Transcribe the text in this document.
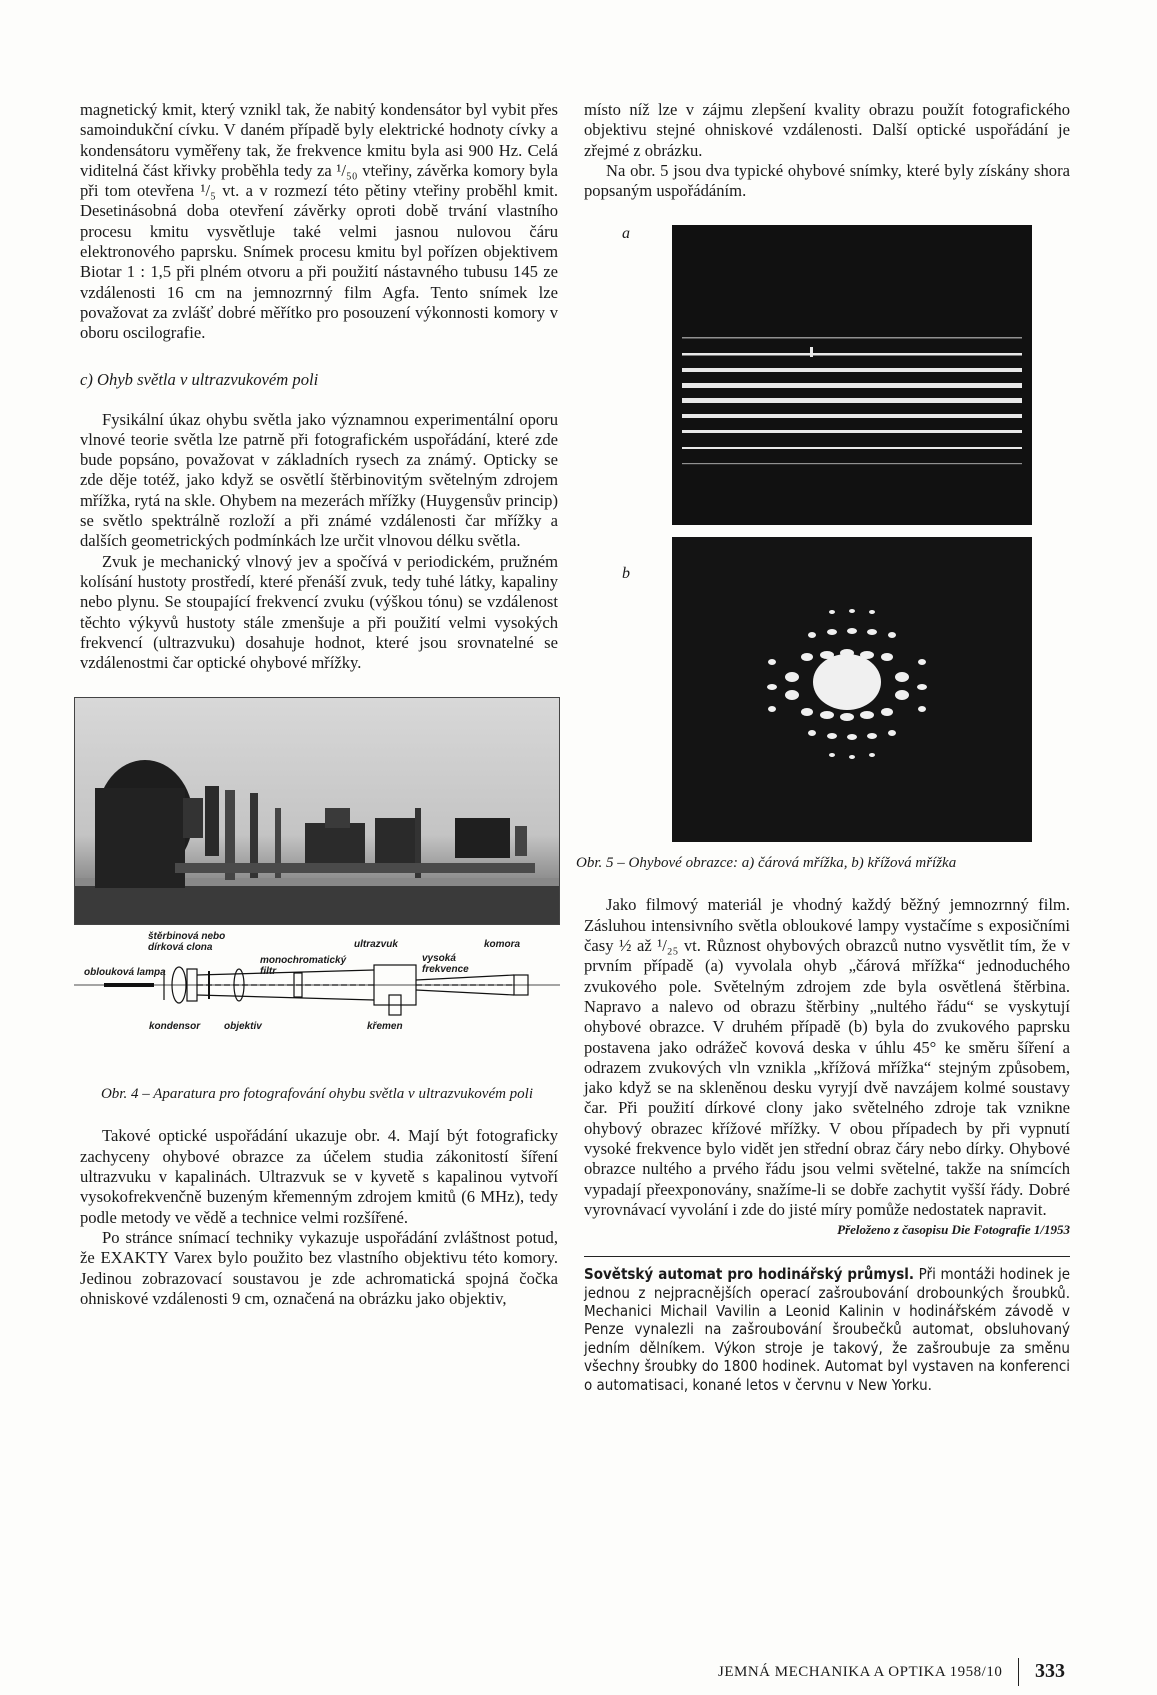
magnetický kmit, který vznikl tak, že nabitý kondensátor byl vybit přes samoindukční cívku. V daném případě byly elektrické hodnoty cívky a kondensátoru vyměřeny tak, že frekvence kmitu byla asi 900 Hz. Celá viditelná část křivky proběhla tedy za ¹/₅₀ vteřiny, závěrka komory byla při tom otevřena ¹/₅ vt. a v rozmezí této pětiny vteřiny proběhl kmit. Desetinásobná doba otevření závěrky oproti době trvání vlastního procesu kmitu vysvětluje také velmi jasnou nulovou čáru elektronového paprsku. Snímek procesu kmitu byl pořízen objektivem Biotar 1 : 1,5 při plném otvoru a při použití nástavného tubusu 145 ze vzdálenosti 16 cm na jemnozrnný film Agfa. Tento snímek lze považovat za zvlášť dobré měřítko pro posouzení výkonnosti komory v oboru oscilografie.

c) Ohyb světla v ultrazvukovém poli

Fysikální úkaz ohybu světla jako významnou experimentální oporu vlnové teorie světla lze patrně při fotografickém uspořádání, které zde bude popsáno, považovat v základních rysech za známý. Opticky se zde děje totéž, jako když se osvětlí štěrbinovitým světelným zdrojem mřížka, rytá na skle. Ohybem na mezerách mřížky (Huygensův princip) se světlo spektrálně rozloží a při známé vzdálenosti čar mřížky a dalších geometrických podmínkách lze určit vlnovou délku světla.

Zvuk je mechanický vlnový jev a spočívá v periodickém, pružném kolísání hustoty prostředí, které přenáší zvuk, tedy tuhé látky, kapaliny nebo plynu. Se stoupající frekvencí zvuku (výškou tónu) se vzdálenost těchto výkyvů hustoty stále zmenšuje a při použití velmi vysokých frekvencí (ultrazvuku) dosahuje hodnot, které jsou srovnatelné se vzdálenostmi čar optické ohybové mřížky.

oblouková lampa
štěrbinová nebo dírková clona
monochromatický filtr
ultrazvuk
vysoká frekvence
komora
kondensor objektiv	křemen
Obr. 4 – Aparatura pro fotografování ohybu světla v ultrazvukovém poli

Takové optické uspořádání ukazuje obr. 4. Mají být fotograficky zachyceny ohybové obrazce za účelem studia zákonitostí šíření ultrazvuku v kapalinách. Ultrazvuk se v kyvetě s kapalinou vytvoří vysokofrekvenčně buzeným křemenným zdrojem kmitů (6 MHz), tedy podle metody ve vědě a technice velmi rozšířené.

Po stránce snímací techniky vykazuje uspořádání zvláštnost potud, že EXAKTY Varex bylo použito bez vlastního objektivu této komory. Jedinou zobrazovací soustavou je zde achromatická spojná čočka ohniskové vzdálenosti 9 cm, označená na obrázku jako objektiv,

místo níž lze v zájmu zlepšení kvality obrazu použít fotografického objektivu stejné ohniskové vzdálenosti. Další optické uspořádání je zřejmé z obrázku.

Na obr. 5 jsou dva typické ohybové snímky, které byly získány shora popsaným uspořádáním.

a
b
Obr. 5 – Ohybové obrazce: a) čárová mřížka, b) křížová mřížka

Jako filmový materiál je vhodný každý běžný jemnozrnný film. Zásluhou intensivního světla obloukové lampy vystačíme s exposičními časy ½ až ¹/₂₅ vt. Různost ohybových obrazců nutno vysvětlit tím, že v prvním případě (a) vyvolala ohyb „čárová mřížka“ jednoduchého zvukového pole. Světelným zdrojem zde byla osvětlená štěrbina. Napravo a nalevo od obrazu štěrbiny „nultého řádu“ se vyskytují ohybové obrazce. V druhém případě (b) byla do zvukového paprsku postavena jako odrážeč kovová deska v úhlu 45° ke směru šíření a odrazem zvukových vln vznikla „křížová mřížka“ stejným způsobem, jako když se na skleněnou desku vyryjí dvě navzájem kolmé soustavy čar. Při použití dírkové clony jako světelného zdroje tak vznikne ohybový obrazec křížové mřížky. V obou případech by při vypnutí vysoké frekvence bylo vidět jen střední obraz čáry nebo dírky. Ohybové obrazce nultého a prvého řádu jsou velmi světelné, takže na snímcích vypadají přeexponovány, snažíme-li se dobře zachytit vyšší řády. Dobré vyrovnávací vyvolání i zde do jisté míry pomůže nedostatek napravit.

Přeloženo z časopisu Die Fotografie 1/1953

Sovětský automat pro hodinářský průmysl. Při montáži hodinek je jednou z nejpracnějších operací zašroubování drobounkých šroubků. Mechanici Michail Vavilin a Leonid Kalinin v hodinářském závodě v Penze vynalezli na zašroubování šroubečků automat, obsluhovaný jedním dělníkem. Výkon stroje je takový, že zašroubuje za směnu všechny šroubky do 1800 hodinek. Automat byl vystaven na konferenci o automatisaci, konané letos v červnu v New Yorku.

JEMNÁ MECHANIKA A OPTIKA 1958/10 333
